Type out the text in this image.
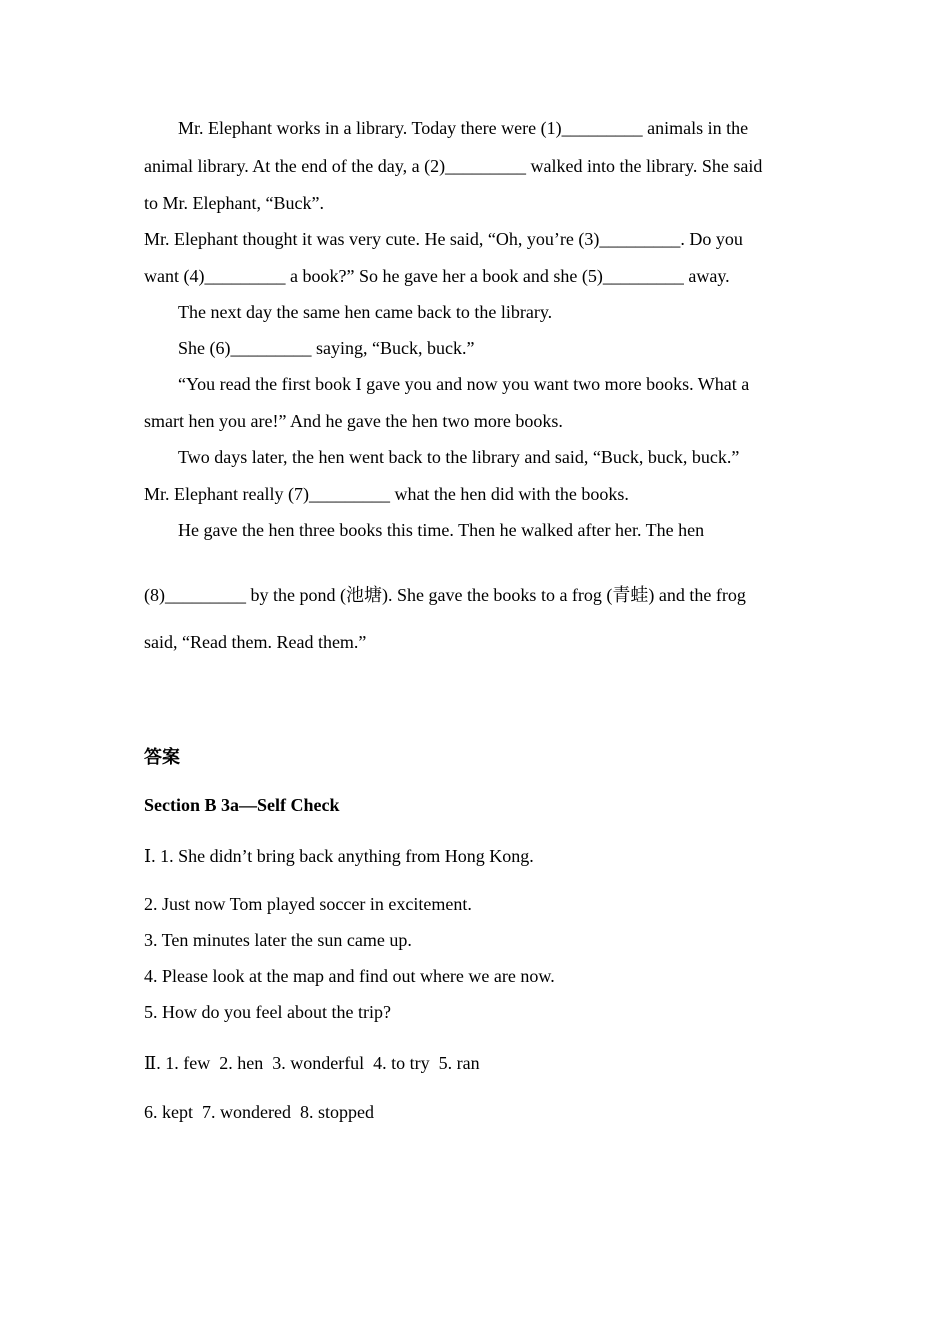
Mr. Elephant works in a library. Today there were (1)_________ animals in the
animal library. At the end of the day, a (2)_________ walked into the library. She said
to Mr. Elephant, “Buck”.
Mr. Elephant thought it was very cute. He said, “Oh, you’re (3)_________. Do you
want (4)_________ a book?” So he gave her a book and she (5)_________ away.
The next day the same hen came back to the library.
She (6)_________ saying, “Buck, buck.”
“You read the first book I gave you and now you want two more books. What a
smart hen you are!” And he gave the hen two more books.
Two days later, the hen went back to the library and said, “Buck, buck, buck.”
Mr. Elephant really (7)_________ what the hen did with the books.
He gave the hen three books this time. Then he walked after her. The hen
(8)_________ by the pond (池塘). She gave the books to a frog (青蛙) and the frog
said, “Read them. Read them.”
答案
Section B 3a—Self Check
Ⅰ. 1. She didn’t bring back anything from Hong Kong.
2. Just now Tom played soccer in excitement.
3. Ten minutes later the sun came up.
4. Please look at the map and find out where we are now.
5. How do you feel about the trip?
Ⅱ. 1. few  2. hen  3. wonderful  4. to try  5. ran
6. kept  7. wondered  8. stopped
